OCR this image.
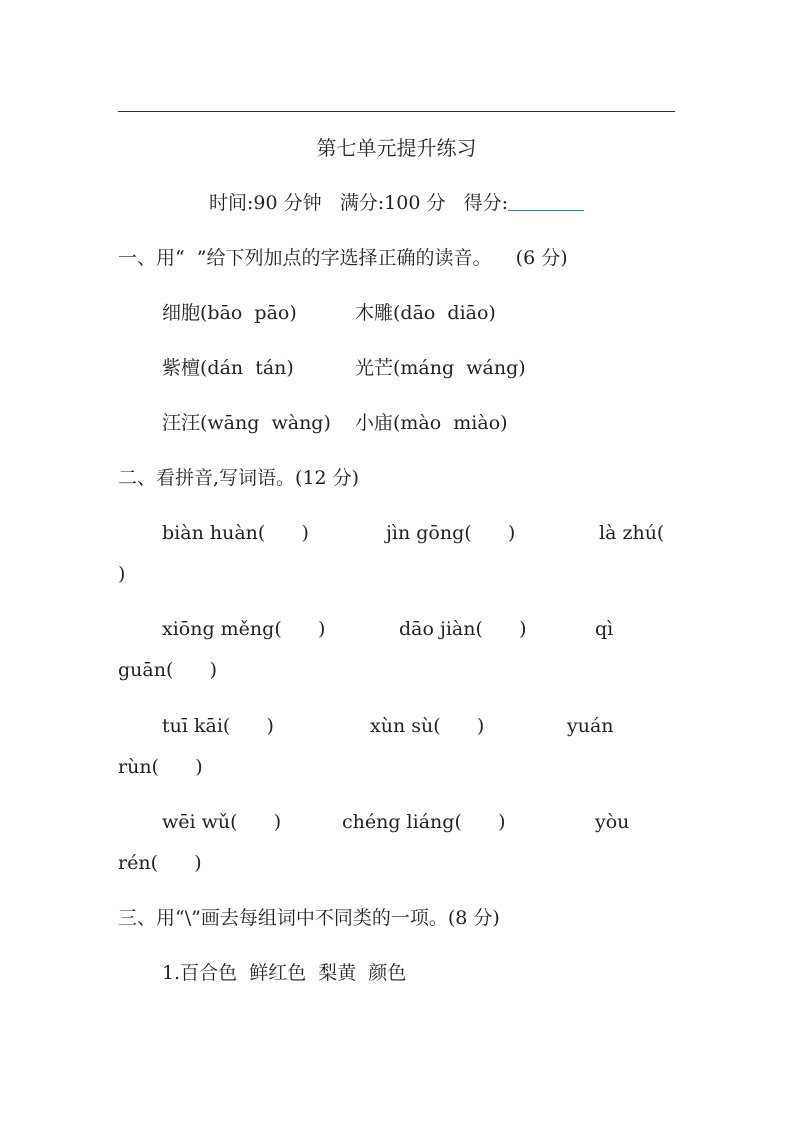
第七单元提升练习
时间:90 分钟 满分:100 分 得分:
一、用“  ”给下列加点的字选择正确的读音。    (6 分)
细胞(bāo  pāo)	木雕(dāo  diāo)
紫檀(dán  tán)	光芒(máng  wáng)
汪汪(wāng  wàng) 小庙(mào  miào)
二、看拼音,写词语。(12 分)
biàn huàn(      )	jìn gōng(      )	là zhú(
)
xiōng měng(      )	dāo jiàn(      )	qì
guān(      )
tuī kāi(      )	xùn sù(      )	yuán
rùn(      )
wēi wǔ(      )	chéng liáng(      )	yòu
rén(      )
三、用“\”画去每组词中不同类的一项。(8 分)
1.百合色  鲜红色  梨黄  颜色
